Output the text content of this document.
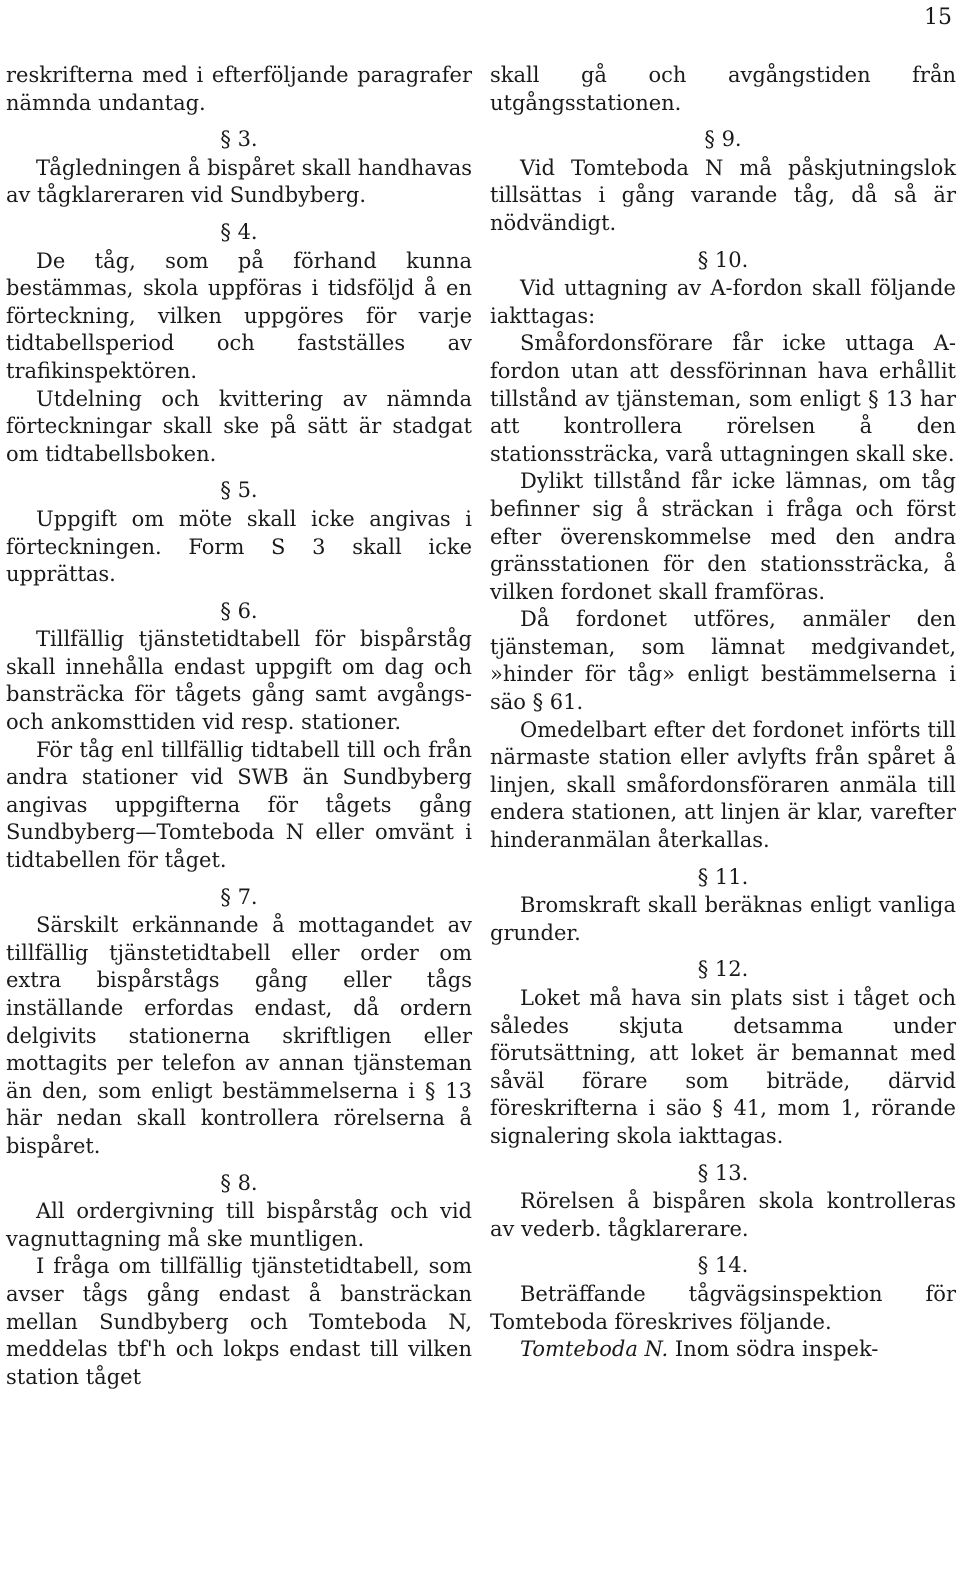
15

reskrifterna med i efterföljande paragrafer nämnda undantag.

§ 3.

Tågledningen å bispåret skall handhavas av tågklareraren vid Sundbyberg.

§ 4.

De tåg, som på förhand kunna bestämmas, skola uppföras i tidsföljd å en förteckning, vilken uppgöres för varje tidtabellsperiod och fastställes av trafikinspektören.

Utdelning och kvittering av nämnda förteckningar skall ske på sätt är stadgat om tidtabellsboken.

§ 5.

Uppgift om möte skall icke angivas i förteckningen. Form S 3 skall icke upprättas.

§ 6.

Tillfällig tjänstetidtabell för bispårståg skall innehålla endast uppgift om dag och bansträcka för tågets gång samt avgångs- och ankomsttiden vid resp. stationer.

För tåg enl tillfällig tidtabell till och från andra stationer vid SWB än Sundbyberg angivas uppgifterna för tågets gång Sundbyberg—Tomteboda N eller omvänt i tidtabellen för tåget.

§ 7.

Särskilt erkännande å mottagandet av tillfällig tjänstetidtabell eller order om extra bispårstågs gång eller tågs inställande erfordas endast, då ordern delgivits stationerna skriftligen eller mottagits per telefon av annan tjänsteman än den, som enligt bestämmelserna i § 13 här nedan skall kontrollera rörelserna å bispåret.

§ 8.

All ordergivning till bispårståg och vid vagnuttagning må ske muntligen.

I fråga om tillfällig tjänstetidtabell, som avser tågs gång endast å bansträckan mellan Sundbyberg och Tomteboda N, meddelas tbf'h och lokps endast till vilken station tåget

skall gå och avgångstiden från utgångsstationen.

§ 9.

Vid Tomteboda N må påskjutningslok tillsättas i gång varande tåg, då så är nödvändigt.

§ 10.

Vid uttagning av A-fordon skall följande iakttagas:

Småfordonsförare får icke uttaga A-fordon utan att dessförinnan hava erhållit tillstånd av tjänsteman, som enligt § 13 har att kontrollera rörelsen å den stationssträcka, varå uttagningen skall ske.

Dylikt tillstånd får icke lämnas, om tåg befinner sig å sträckan i fråga och först efter överenskommelse med den andra gränsstationen för den stationssträcka, å vilken fordonet skall framföras.

Då fordonet utföres, anmäler den tjänsteman, som lämnat medgivandet, »hinder för tåg» enligt bestämmelserna i säo § 61.

Omedelbart efter det fordonet införts till närmaste station eller avlyfts från spåret å linjen, skall småfordonsföraren anmäla till endera stationen, att linjen är klar, varefter hinderanmälan återkallas.

§ 11.

Bromskraft skall beräknas enligt vanliga grunder.

§ 12.

Loket må hava sin plats sist i tåget och således skjuta detsamma under förutsättning, att loket är bemannat med såväl förare som biträde, därvid föreskrifterna i säo § 41, mom 1, rörande signalering skola iakttagas.

§ 13.

Rörelsen å bispåren skola kontrolleras av vederb. tågklarerare.

§ 14.

Beträffande tågvägsinspektion för Tomteboda föreskrives följande.

Tomteboda N. Inom södra inspek-
